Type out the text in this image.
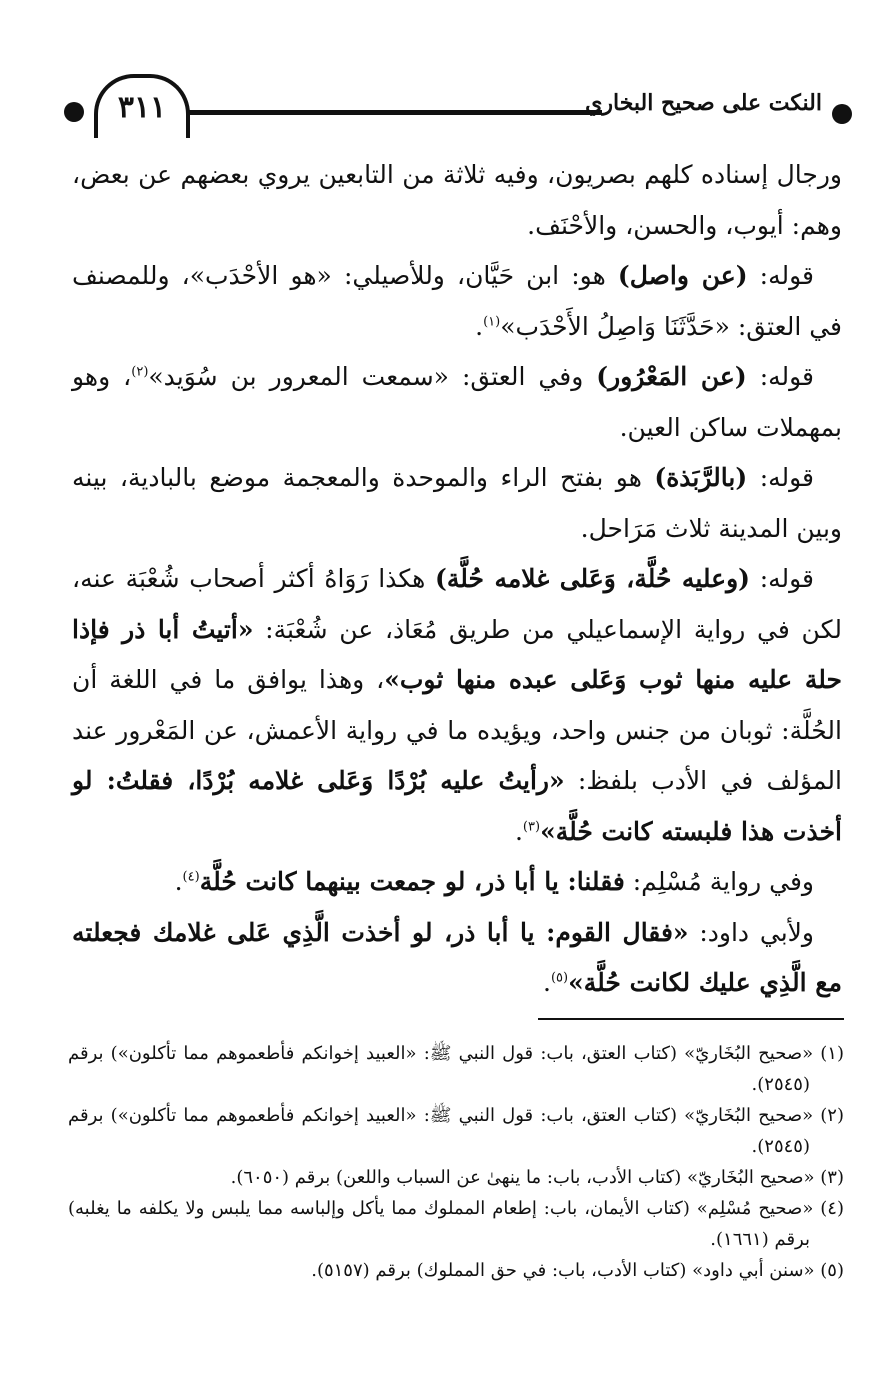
٣١١	النكت على صحيح البخاري

ورجال إسناده كلهم بصريون، وفيه ثلاثة من التابعين يروي بعضهم عن بعض، وهم: أيوب، والحسن، والأحْنَف.

قوله: (عن واصل) هو: ابن حَيَّان، وللأصيلي: «هو الأحْدَب»، وللمصنف في العتق: «حَدَّثَنَا وَاصِلُ الأَحْدَب»$^{(١)}$.

قوله: (عن المَعْرُور) وفي العتق: «سمعت المعرور بن سُوَيد»$^{(٢)}$، وهو بمهملات ساكن العين.

قوله: (بالرَّبَذة) هو بفتح الراء والموحدة والمعجمة موضع بالبادية، بينه وبين المدينة ثلاث مَرَاحل.

قوله: (وعليه حُلَّة، وَعَلى غلامه حُلَّة) هكذا رَوَاهُ أكثر أصحاب شُعْبَة عنه، لكن في رواية الإسماعيلي من طريق مُعَاذ، عن شُعْبَة: «أتيتُ أبا ذر فإذا حلة عليه منها ثوب وَعَلى عبده منها ثوب»، وهذا يوافق ما في اللغة أن الحُلَّة: ثوبان من جنس واحد، ويؤيده ما في رواية الأعمش، عن المَعْرور عند المؤلف في الأدب بلفظ: «رأيتُ عليه بُرْدًا وَعَلى غلامه بُرْدًا، فقلتُ: لو أخذت هذا فلبسته كانت حُلَّة»$^{(٣)}$.

وفي رواية مُسْلِم: فقلنا: يا أبا ذر، لو جمعت بينهما كانت حُلَّة$^{(٤)}$.

ولأبي داود: «فقال القوم: يا أبا ذر، لو أخذت الَّذِي عَلى غلامك فجعلته مع الَّذِي عليك لكانت حُلَّة»$^{(٥)}$.

(١) «صحيح البُخَاريّ» (كتاب العتق، باب: قول النبي ﷺ: «العبيد إخوانكم فأطعموهم مما تأكلون») برقم (٢٥٤٥).

(٢) «صحيح البُخَاريّ» (كتاب العتق، باب: قول النبي ﷺ: «العبيد إخوانكم فأطعموهم مما تأكلون») برقم (٢٥٤٥).

(٣) «صحيح البُخَاريّ» (كتاب الأدب، باب: ما ينهىٰ عن السباب واللعن) برقم (٦٠٥٠).

(٤) «صحيح مُسْلِم» (كتاب الأيمان، باب: إطعام المملوك مما يأكل وإلباسه مما يلبس ولا يكلفه ما يغلبه) برقم (١٦٦١).

(٥) «سنن أبي داود» (كتاب الأدب، باب: في حق المملوك) برقم (٥١٥٧).
